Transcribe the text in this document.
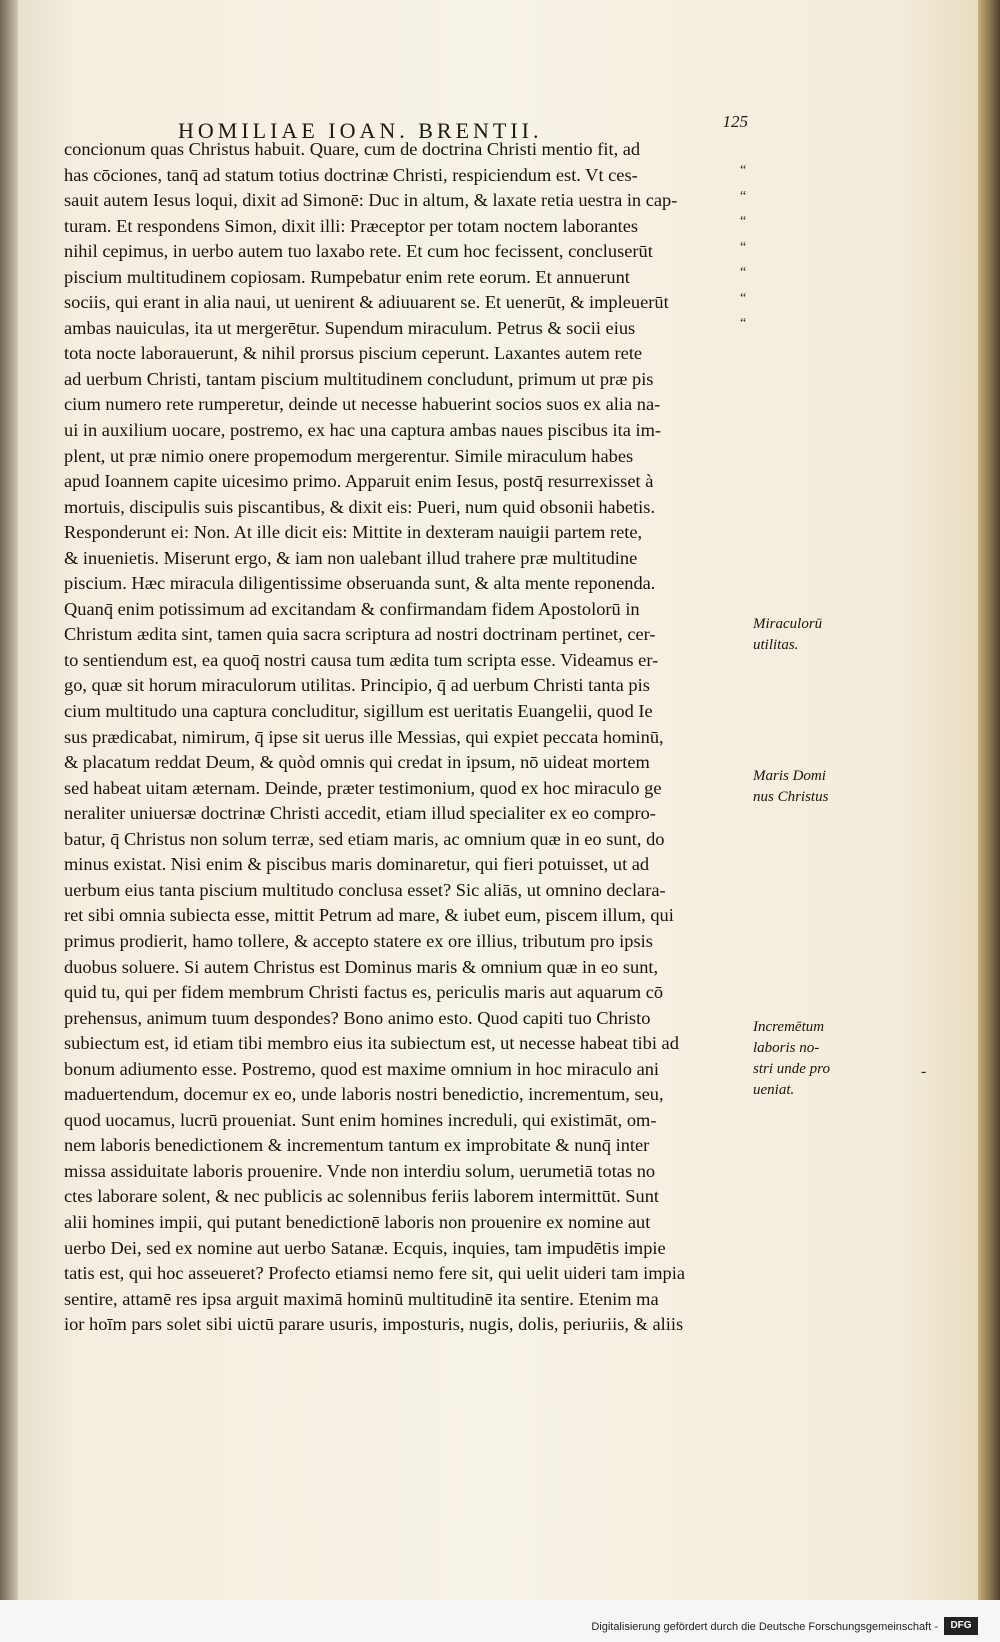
HOMILIAE IOAN. BRENTII.	125
concionum quas Christus habuit. Quare, cum de doctrina Christi mentio fit, ad
has cōciones, tanq̄ ad statum totius doctrinæ Christi, respiciendum est. Vt ces-
sauit autem Iesus loqui, dixit ad Simonē: Duc in altum, & laxate retia uestra in cap-
turam. Et respondens Simon, dixit illi: Præceptor per totam noctem laborantes
nihil cepimus, in uerbo autem tuo laxabo rete. Et cum hoc fecissent, concluserūt
piscium multitudinem copiosam. Rumpebatur enim rete eorum. Et annuerunt
sociis, qui erant in alia naui, ut uenirent & adiuuarent se. Et uenerūt, & impleuerūt
ambas nauiculas, ita ut mergerētur. Supendum miraculum. Petrus & socii eius
tota nocte laborauerunt, & nihil prorsus piscium ceperunt. Laxantes autem rete
ad uerbum Christi, tantam piscium multitudinem concludunt, primum ut præ pis
cium numero rete rumperetur, deinde ut necesse habuerint socios suos ex alia na-
ui in auxilium uocare, postremo, ex hac una captura ambas naues piscibus ita im-
plent, ut præ nimio onere propemodum mergerentur. Simile miraculum habes
apud Ioannem capite uicesimo primo. Apparuit enim Iesus, postq̄ resurrexisset à
mortuis, discipulis suis piscantibus, & dixit eis: Pueri, num quid obsonii habetis.
Responderunt ei: Non. At ille dicit eis: Mittite in dexteram nauigii partem rete,
& inuenietis. Miserunt ergo, & iam non ualebant illud trahere præ multitudine
piscium. Hæc miracula diligentissime obseruanda sunt, & alta mente reponenda.
Quanq̄ enim potissimum ad excitandam & confirmandam fidem Apostolorū in
Christum ædita sint, tamen quia sacra scriptura ad nostri doctrinam pertinet, cer-
to sentiendum est, ea quoq̄ nostri causa tum ædita tum scripta esse. Videamus er-
go, quæ sit horum miraculorum utilitas. Principio, q̄ ad uerbum Christi tanta pis
cium multitudo una captura concluditur, sigillum est ueritatis Euangelii, quod Ie
sus prædicabat, nimirum, q̄ ipse sit uerus ille Messias, qui expiet peccata hominū,
& placatum reddat Deum, & quòd omnis qui credat in ipsum, nō uideat mortem
sed habeat uitam æternam. Deinde, præter testimonium, quod ex hoc miraculo ge
neraliter uniuersæ doctrinæ Christi accedit, etiam illud specialiter ex eo compro-
batur, q̄ Christus non solum terræ, sed etiam maris, ac omnium quæ in eo sunt, do
minus existat. Nisi enim & piscibus maris dominaretur, qui fieri potuisset, ut ad
uerbum eius tanta piscium multitudo conclusa esset? Sic aliās, ut omnino declara-
ret sibi omnia subiecta esse, mittit Petrum ad mare, & iubet eum, piscem illum, qui
primus prodierit, hamo tollere, & accepto statere ex ore illius, tributum pro ipsis
duobus soluere. Si autem Christus est Dominus maris & omnium quæ in eo sunt,
quid tu, qui per fidem membrum Christi factus es, periculis maris aut aquarum cō
prehensus, animum tuum despondes? Bono animo esto. Quod capiti tuo Christo
subiectum est, id etiam tibi membro eius ita subiectum est, ut necesse habeat tibi ad
bonum adiumento esse. Postremo, quod est maxime omnium in hoc miraculo ani
maduertendum, docemur ex eo, unde laboris nostri benedictio, incrementum, seu,
quod uocamus, lucrū proueniat. Sunt enim homines increduli, qui existimāt, om-
nem laboris benedictionem & incrementum tantum ex improbitate & nunq̄ inter
missa assiduitate laboris prouenire. Vnde non interdiu solum, uerumetiā totas no
ctes laborare solent, & nec publicis ac solennibus feriis laborem intermittūt. Sunt
alii homines impii, qui putant benedictionē laboris non prouenire ex nomine aut
uerbo Dei, sed ex nomine aut uerbo Satanæ. Ecquis, inquies, tam impudētis impie
tatis est, qui hoc asseueret? Profecto etiamsi nemo fere sit, qui uelit uideri tam impia
sentire, attamē res ipsa arguit maximā hominū multitudinē ita sentire. Etenim ma
ior hoīm pars solet sibi uictū parare usuris, imposturis, nugis, dolis, periuriis, & aliis
“
“
“
“
“
“
“
Miraculorū
utilitas.
Maris Domi
nus Christus
Incremētum
laboris no-
stri unde pro
ueniat.
-
Digitalisierung gefördert durch die Deutsche Forschungsgemeinschaft -	DFG
